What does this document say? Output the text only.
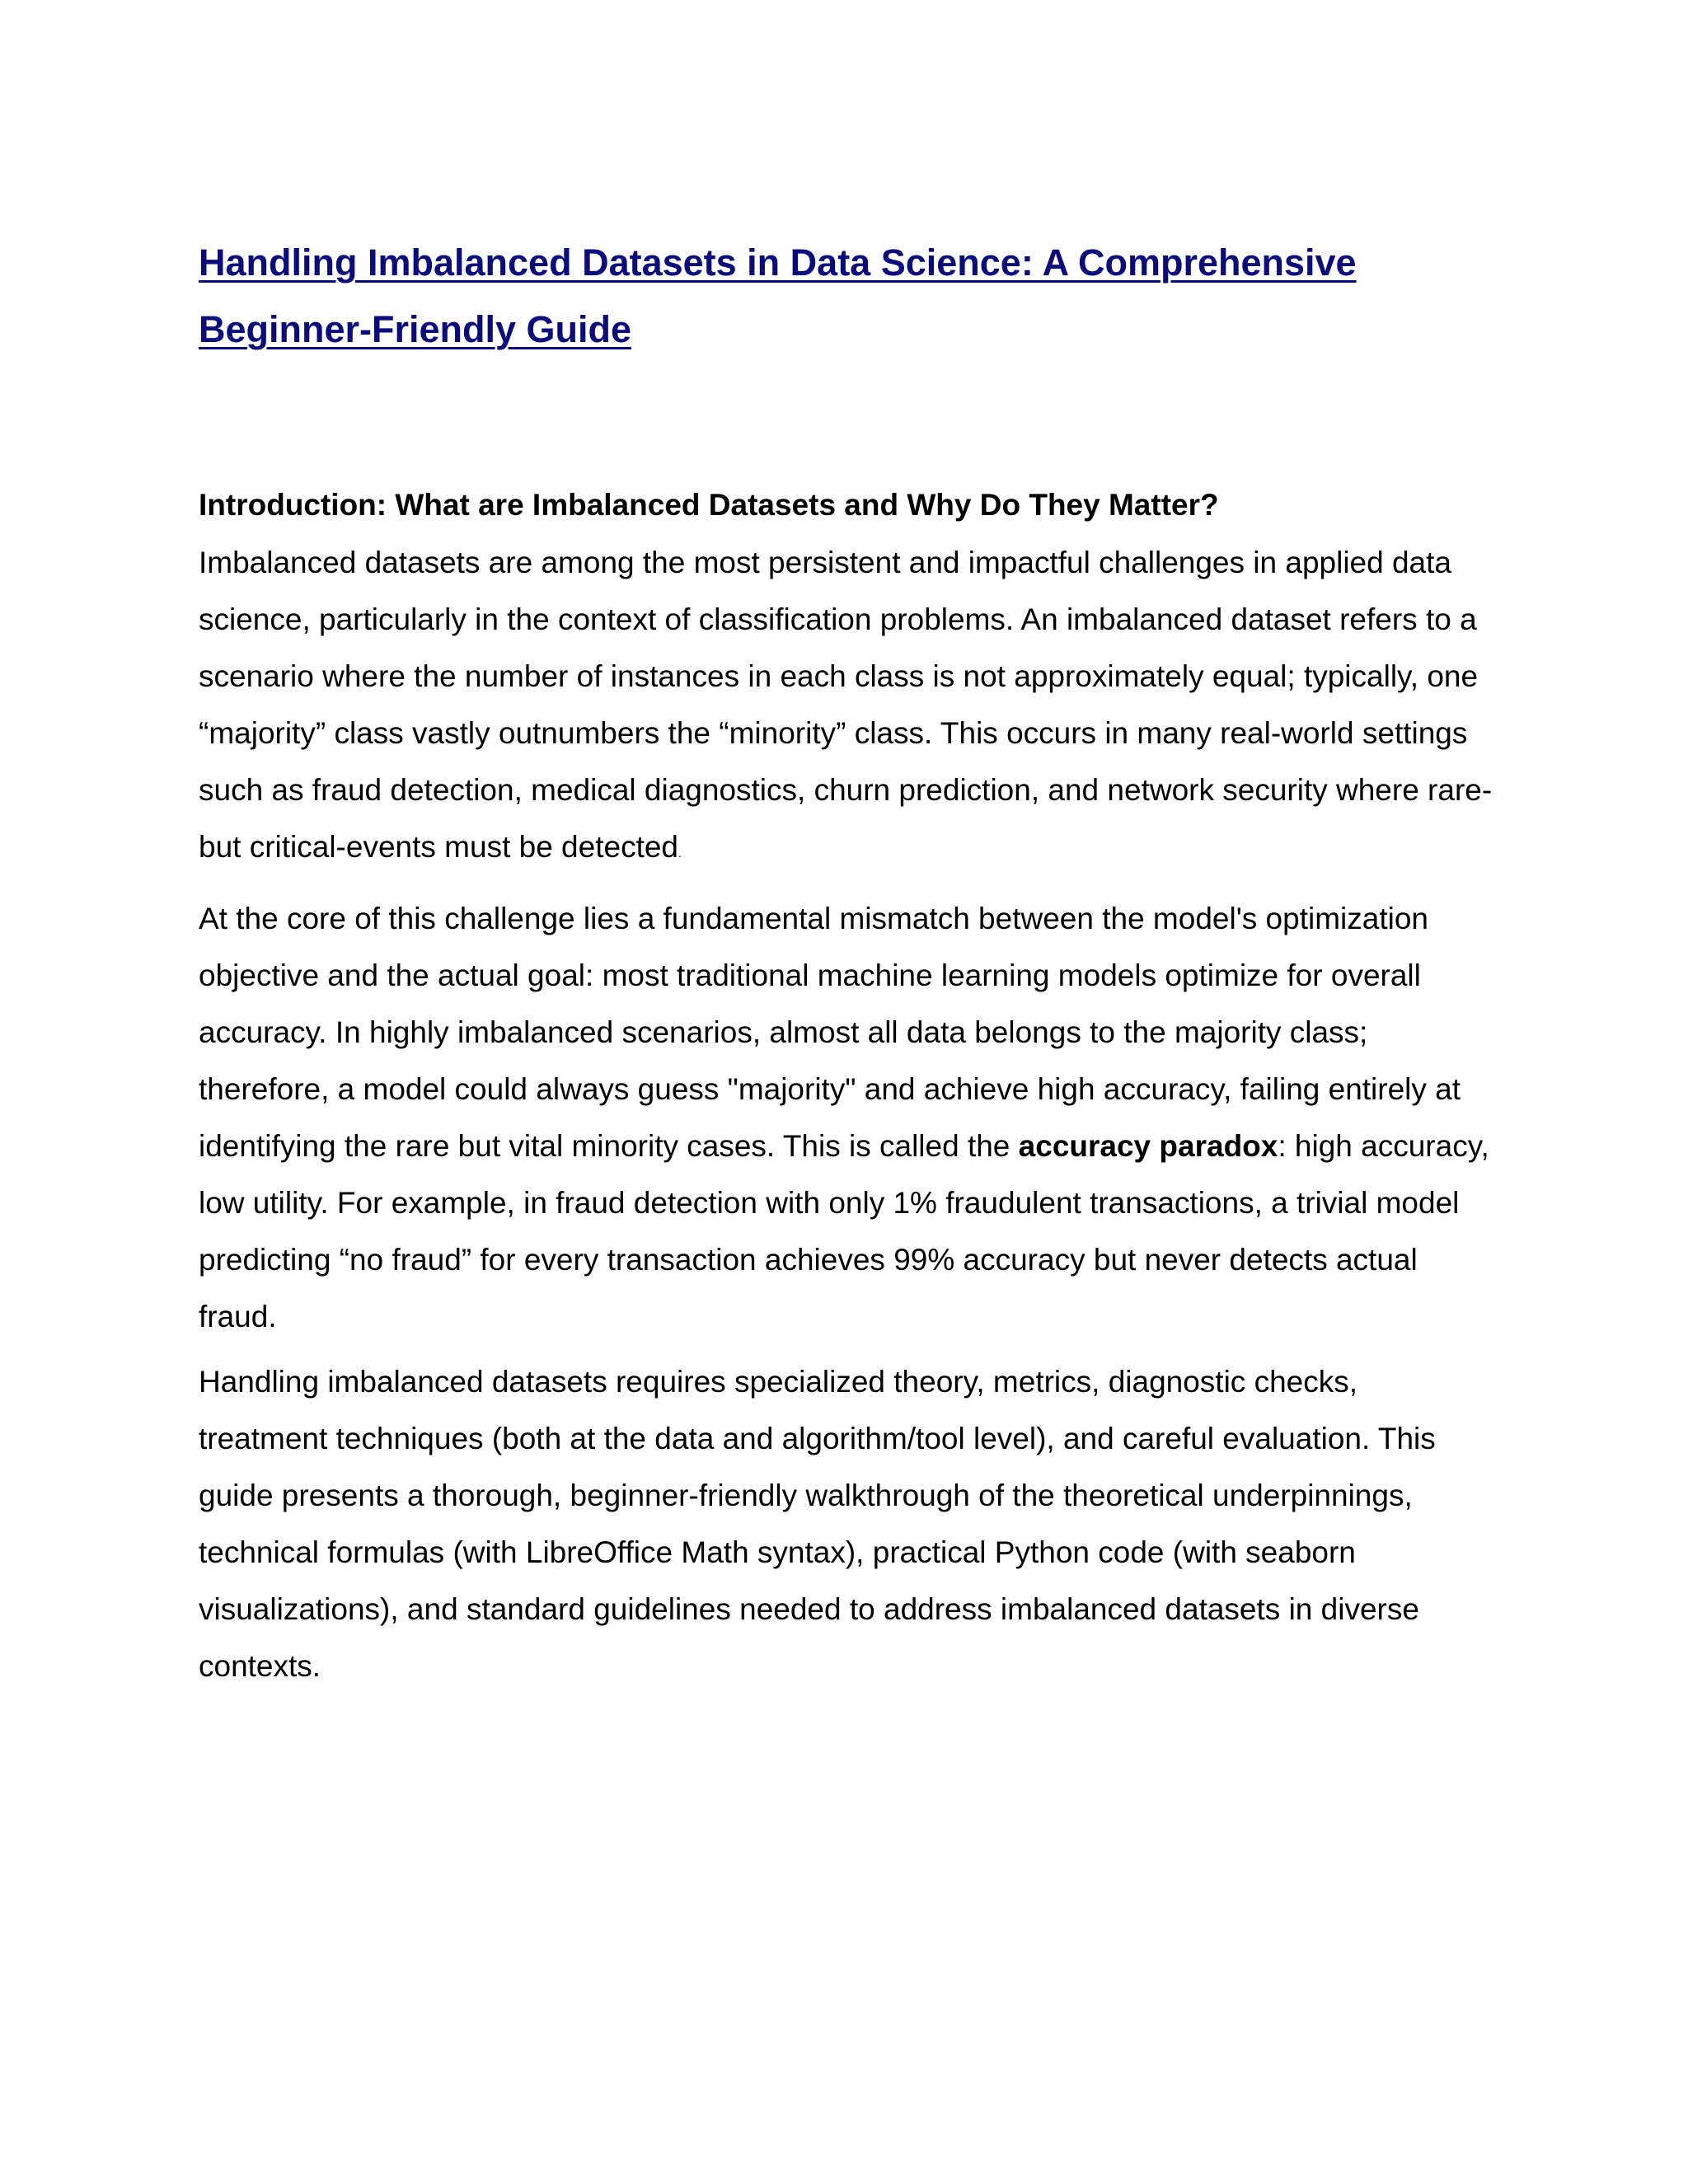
Handling Imbalanced Datasets in Data Science: A Comprehensive Beginner-Friendly Guide
Introduction: What are Imbalanced Datasets and Why Do They Matter?

Imbalanced datasets are among the most persistent and impactful challenges in applied data science, particularly in the context of classification problems. An imbalanced dataset refers to a scenario where the number of instances in each class is not approximately equal; typically, one “majority” class vastly outnumbers the “minority” class. This occurs in many real-world settings such as fraud detection, medical diagnostics, churn prediction, and network security where rare-but critical-events must be detected.

At the core of this challenge lies a fundamental mismatch between the model's optimization objective and the actual goal: most traditional machine learning models optimize for overall accuracy. In highly imbalanced scenarios, almost all data belongs to the majority class; therefore, a model could always guess "majority" and achieve high accuracy, failing entirely at identifying the rare but vital minority cases. This is called the accuracy paradox: high accuracy, low utility. For example, in fraud detection with only 1% fraudulent transactions, a trivial model predicting “no fraud” for every transaction achieves 99% accuracy but never detects actual fraud.

Handling imbalanced datasets requires specialized theory, metrics, diagnostic checks, treatment techniques (both at the data and algorithm/tool level), and careful evaluation. This guide presents a thorough, beginner-friendly walkthrough of the theoretical underpinnings, technical formulas (with LibreOffice Math syntax), practical Python code (with seaborn visualizations), and standard guidelines needed to address imbalanced datasets in diverse contexts.
